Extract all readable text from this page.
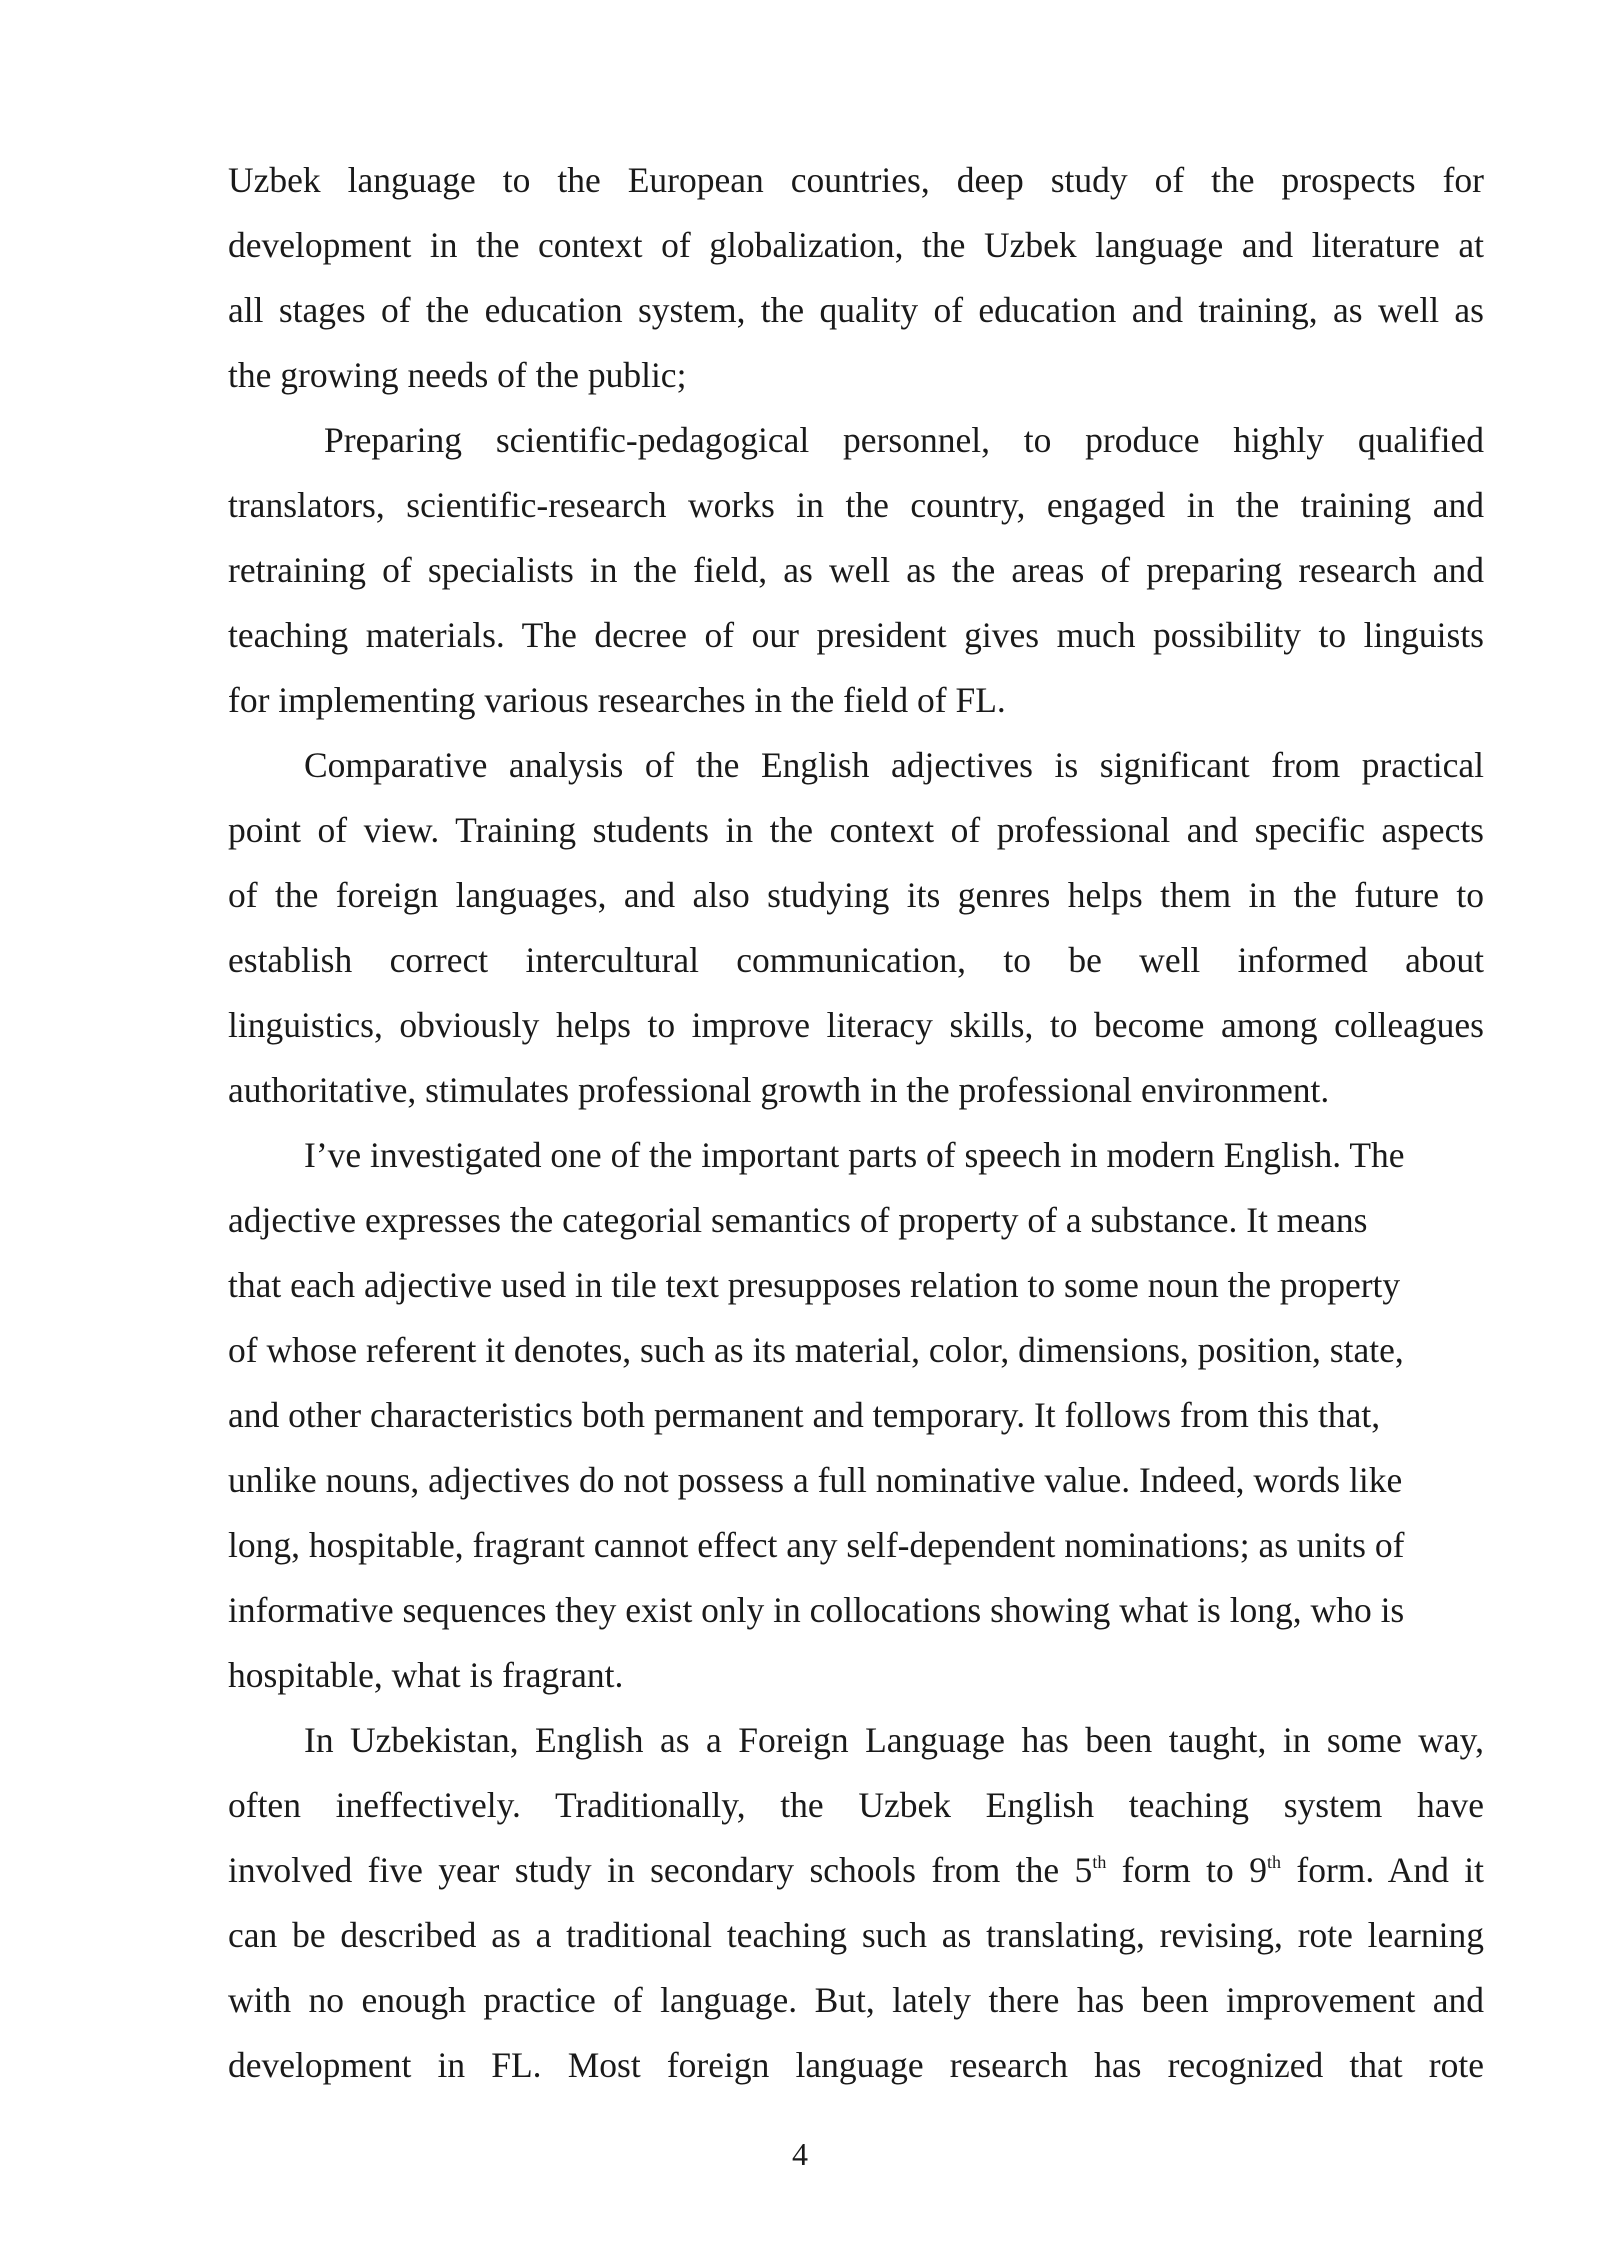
Uzbek language to the European countries, deep study of the prospects for
development in the context of globalization, the Uzbek language and literature at
all stages of the education system, the quality of education and training, as well as
the growing needs of the public;

Preparing scientific-pedagogical personnel, to produce highly qualified
translators, scientific-research works in the country, engaged in the training and
retraining of specialists in the field, as well as the areas of preparing research and
teaching materials. The decree of our president gives much possibility to linguists
for implementing various researches in the field of FL.

Comparative analysis of the English adjectives is significant from practical
point of view. Training students in the context of professional and specific aspects
of the foreign languages, and also studying its genres helps them in the future to
establish correct intercultural communication, to be well informed about
linguistics, obviously helps to improve literacy skills, to become among colleagues
authoritative, stimulates professional growth in the professional environment.

I’ve investigated one of the important parts of speech in modern English. The
adjective expresses the categorial semantics of property of a substance. It means
that each adjective used in tile text presupposes relation to some noun the property
of whose referent it denotes, such as its material, color, dimensions, position, state,
and other characteristics both permanent and temporary. It follows from this that,
unlike nouns, adjectives do not possess a full nominative value. Indeed, words like
long, hospitable, fragrant cannot effect any self-dependent nominations; as units of
informative sequences they exist only in collocations showing what is long, who is
hospitable, what is fragrant.

In Uzbekistan, English as a Foreign Language has been taught, in some way,
often ineffectively. Traditionally, the Uzbek English teaching system have
involved five year study in secondary schools from the 5th form to 9th form. And it
can be described as a traditional teaching such as translating, revising, rote learning
with no enough practice of language. But, lately there has been improvement and
development in FL. Most foreign language research has recognized that rote

4
